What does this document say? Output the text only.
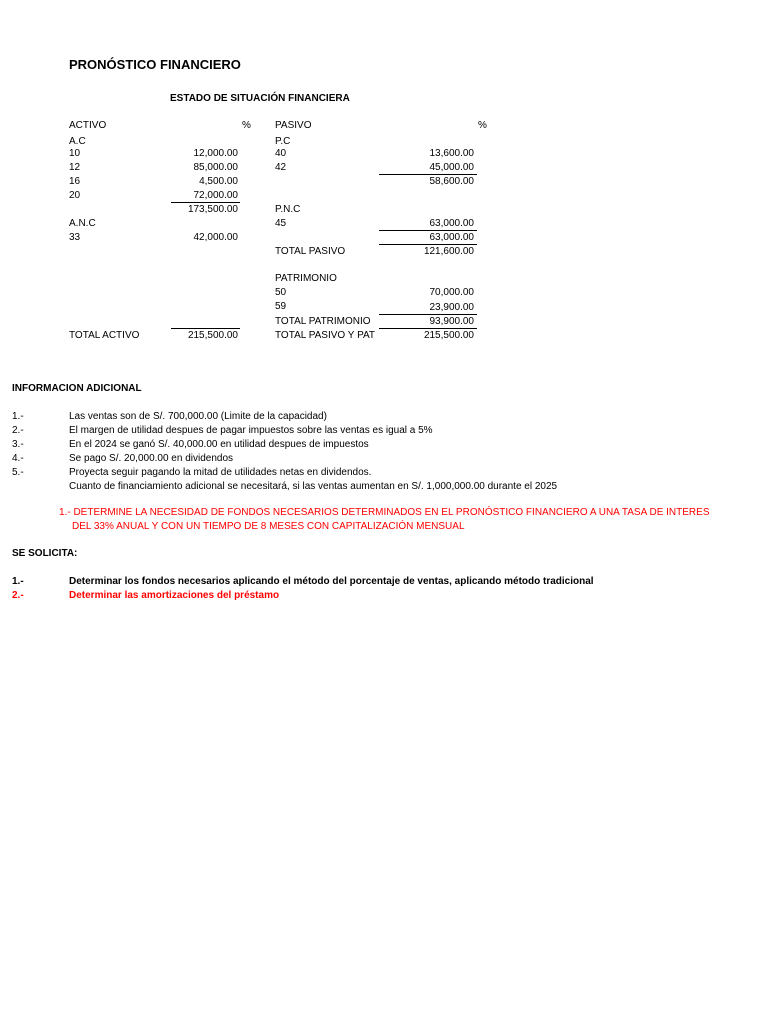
PRONÓSTICO FINANCIERO
ESTADO DE SITUACIÓN FINANCIERA
ACTIVO	%
A.C
10	12,000.00
12	85,000.00
16	4,500.00
20	72,000.00
173,500.00
A.N.C
33	42,000.00
TOTAL ACTIVO	215,500.00
PASIVO	%
P.C
40	13,600.00
42	45,000.00
58,600.00
P.N.C
45	63,000.00
63,000.00
TOTAL PASIVO	121,600.00
PATRIMONIO
50	70,000.00
59	23,900.00
TOTAL PATRIMONIO	93,900.00
TOTAL PASIVO Y PAT	215,500.00
INFORMACION ADICIONAL
1.-	Las ventas son de S/. 700,000.00 (Limite de la capacidad)
2.-	El margen de utilidad despues de pagar impuestos sobre las ventas es igual a 5%
3.-	En el 2024 se ganó S/. 40,000.00 en utilidad despues de impuestos
4.-	Se pago S/. 20,000.00 en dividendos
5.-	Proyecta seguir pagando la mitad de utilidades netas en dividendos.
Cuanto de financiamiento adicional se necesitará, si las ventas aumentan en S/. 1,000,000.00 durante el 2025
1.- DETERMINE LA NECESIDAD DE FONDOS NECESARIOS DETERMINADOS EN EL PRONÓSTICO FINANCIERO A UNA TASA DE INTERES
DEL 33% ANUAL Y CON UN TIEMPO DE 8 MESES CON CAPITALIZACIÓN MENSUAL
SE SOLICITA:
1.-	Determinar los fondos necesarios aplicando el método del porcentaje de ventas, aplicando método tradicional
2.-	Determinar las amortizaciones del préstamo
